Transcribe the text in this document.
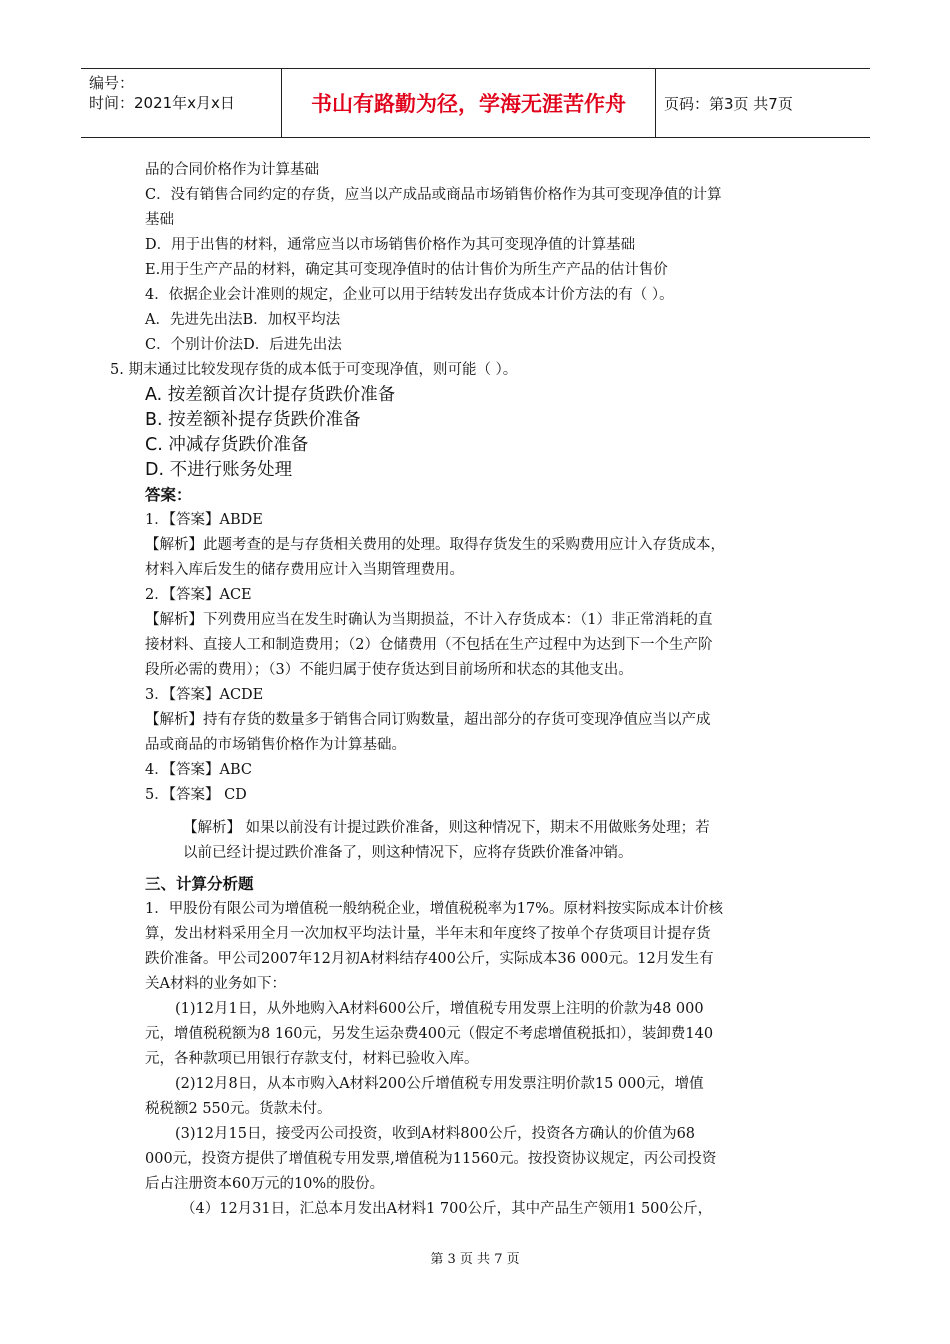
编号：
时间：2021年x月x日	书山有路勤为径，学海无涯苦作舟	页码：第3页 共7页
品的合同价格作为计算基础
C．没有销售合同约定的存货，应当以产成品或商品市场销售价格作为其可变现净值的计算
基础
D．用于出售的材料，通常应当以市场销售价格作为其可变现净值的计算基础
E.用于生产产品的材料，确定其可变现净值时的估计售价为所生产产品的估计售价
4．依据企业会计准则的规定，企业可以用于结转发出存货成本计价方法的有（ ）。
A．先进先出法B．加权平均法
C．个别计价法D．后进先出法
5. 期末通过比较发现存货的成本低于可变现净值，则可能（ ）。
A. 按差额首次计提存货跌价准备
B. 按差额补提存货跌价准备
C. 冲减存货跌价准备
D. 不进行账务处理
答案：
1．【答案】ABDE
【解析】此题考查的是与存货相关费用的处理。取得存货发生的采购费用应计入存货成本，
材料入库后发生的储存费用应计入当期管理费用。
2．【答案】ACE
【解析】下列费用应当在发生时确认为当期损益，不计入存货成本：（1）非正常消耗的直
接材料、直接人工和制造费用；（2）仓储费用（不包括在生产过程中为达到下一个生产阶
段所必需的费用）；（3）不能归属于使存货达到目前场所和状态的其他支出。
3．【答案】ACDE
【解析】持有存货的数量多于销售合同订购数量，超出部分的存货可变现净值应当以产成
品或商品的市场销售价格作为计算基础。
4．【答案】ABC
5．【答案】 CD
【解析】 如果以前没有计提过跌价准备，则这种情况下，期末不用做账务处理；若
以前已经计提过跌价准备了，则这种情况下，应将存货跌价准备冲销。
三、计算分析题
1．甲股份有限公司为增值税一般纳税企业，增值税税率为17%。原材料按实际成本计价核
算，发出材料采用全月一次加权平均法计量，半年末和年度终了按单个存货项目计提存货
跌价准备。甲公司2007年12月初A材料结存400公斤，实际成本36 000元。12月发生有
关A材料的业务如下：
(1)12月1日，从外地购入A材料600公斤，增值税专用发票上注明的价款为48 000
元，增值税税额为8 160元，另发生运杂费400元（假定不考虑增值税抵扣），装卸费140
元，各种款项已用银行存款支付，材料已验收入库。
(2)12月8日，从本市购入A材料200公斤增值税专用发票注明价款15 000元，增值
税税额2 550元。货款未付。
(3)12月15日，接受丙公司投资，收到A材料800公斤，投资各方确认的价值为68
000元，投资方提供了增值税专用发票,增值税为11560元。按投资协议规定，丙公司投资
后占注册资本60万元的10%的股份。
（4）12月31日，汇总本月发出A材料1 700公斤，其中产品生产领用1 500公斤，
第 3 页 共 7 页
